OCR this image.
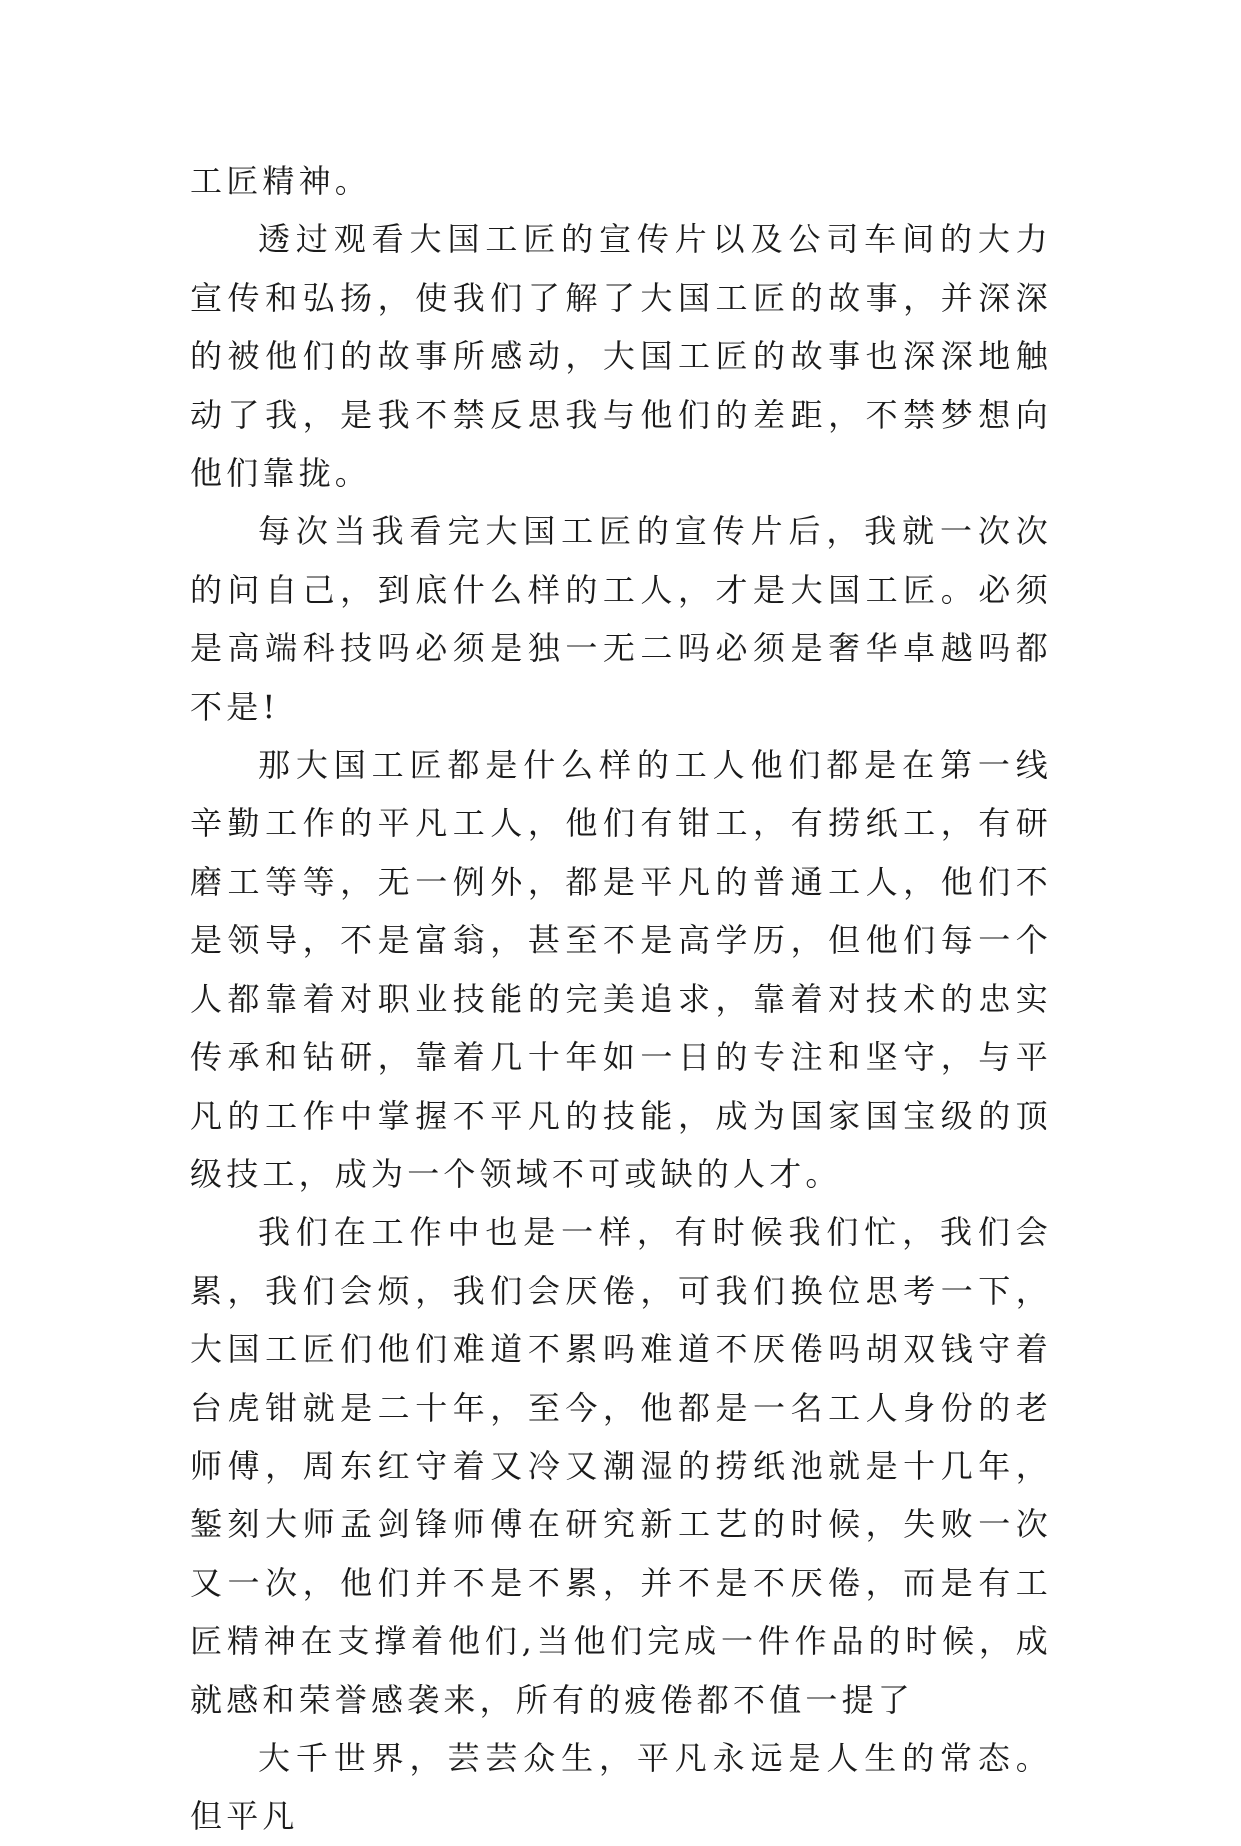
工匠精神。

透过观看大国工匠的宣传片以及公司车间的大力宣传和弘扬，使我们了解了大国工匠的故事，并深深的被他们的故事所感动，大国工匠的故事也深深地触动了我，是我不禁反思我与他们的差距，不禁梦想向他们靠拢。

每次当我看完大国工匠的宣传片后，我就一次次的问自己，到底什么样的工人，才是大国工匠。必须是高端科技吗必须是独一无二吗必须是奢华卓越吗都不是!

那大国工匠都是什么样的工人他们都是在第一线辛勤工作的平凡工人，他们有钳工，有捞纸工，有研磨工等等，无一例外，都是平凡的普通工人，他们不是领导，不是富翁，甚至不是高学历，但他们每一个人都靠着对职业技能的完美追求，靠着对技术的忠实传承和钻研，靠着几十年如一日的专注和坚守，与平凡的工作中掌握不平凡的技能，成为国家国宝级的顶级技工，成为一个领域不可或缺的人才。

我们在工作中也是一样，有时候我们忙，我们会累，我们会烦，我们会厌倦，可我们换位思考一下，大国工匠们他们难道不累吗难道不厌倦吗胡双钱守着台虎钳就是二十年，至今，他都是一名工人身份的老师傅，周东红守着又冷又潮湿的捞纸池就是十几年，錾刻大师孟剑锋师傅在研究新工艺的时候，失败一次又一次，他们并不是不累，并不是不厌倦，而是有工匠精神在支撑着他们,当他们完成一件作品的时候，成就感和荣誉感袭来，所有的疲倦都不值一提了

大千世界，芸芸众生，平凡永远是人生的常态。但平凡
